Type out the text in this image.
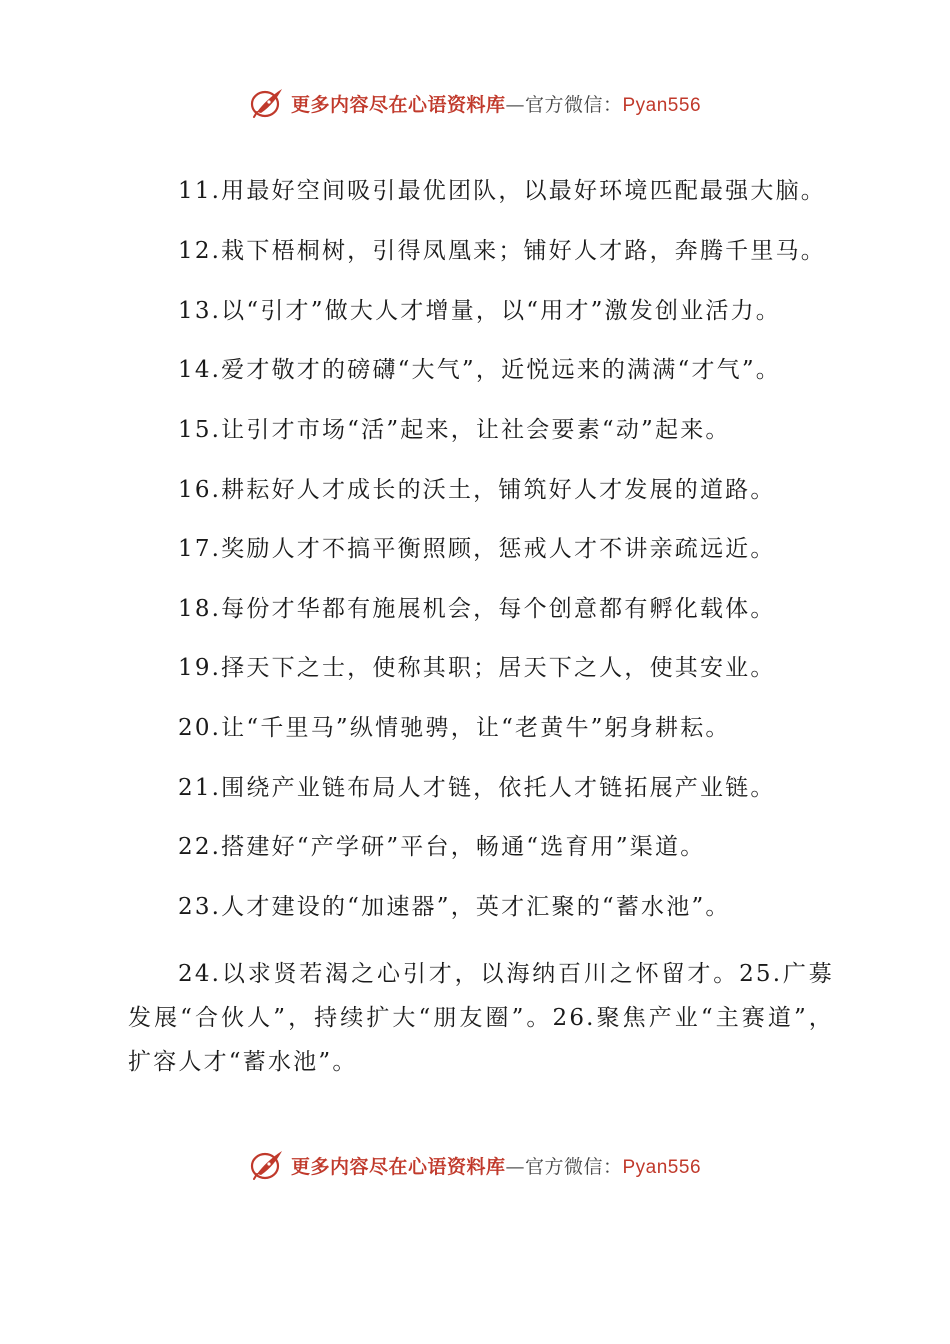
更多内容尽在心语资料库 — 官方微信： Pyan556
11.用最好空间吸引最优团队，以最好环境匹配最强大脑。
12.栽下梧桐树，引得凤凰来；铺好人才路，奔腾千里马。
13.以“引才”做大人才增量，以“用才”激发创业活力。
14.爱才敬才的磅礴“大气”，近悦远来的满满“才气”。
15.让引才市场“活”起来，让社会要素“动”起来。
16.耕耘好人才成长的沃土，铺筑好人才发展的道路。
17.奖励人才不搞平衡照顾，惩戒人才不讲亲疏远近。
18.每份才华都有施展机会，每个创意都有孵化载体。
19.择天下之士，使称其职；居天下之人，使其安业。
20.让“千里马”纵情驰骋，让“老黄牛”躬身耕耘。
21.围绕产业链布局人才链，依托人才链拓展产业链。
22.搭建好“产学研”平台，畅通“选育用”渠道。
23.人才建设的“加速器”，英才汇聚的“蓄水池”。

24.以求贤若渴之心引才，以海纳百川之怀留才。25.广募发展“合伙人”，持续扩大“朋友圈”。26.聚焦产业“主赛道”，扩容人才“蓄水池”。

更多内容尽在心语资料库 — 官方微信： Pyan556
